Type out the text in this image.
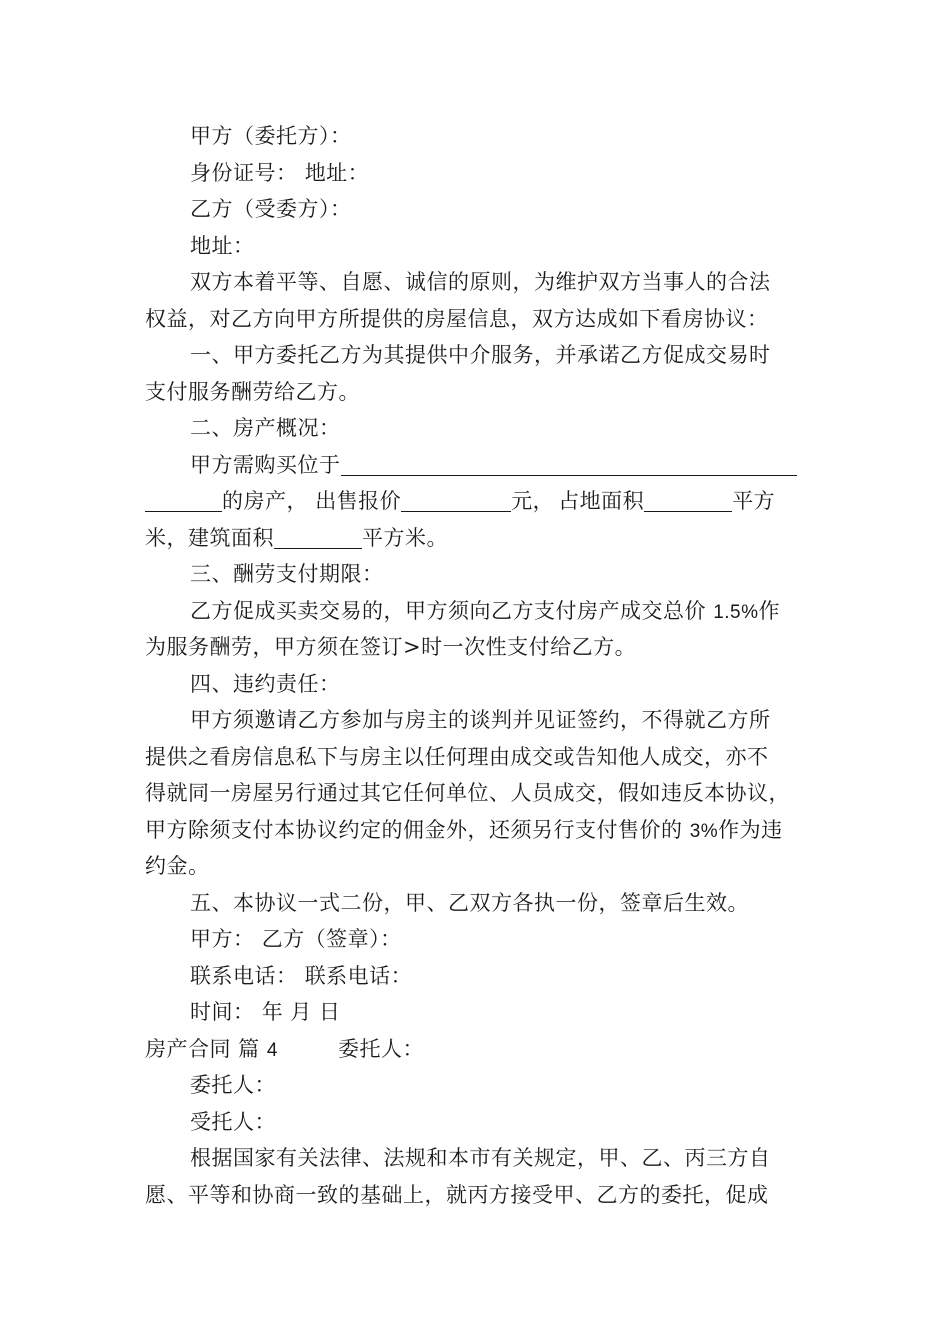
甲方（委托方）：
身份证号： 地址：
乙方（受委方）：
地址：
双方本着平等、自愿、诚信的原则，为维护双方当事人的合法
权益，对乙方向甲方所提供的房屋信息，双方达成如下看房协议：
一、甲方委托乙方为其提供中介服务，并承诺乙方促成交易时
支付服务酬劳给乙方。
二、房产概况：
甲方需购买位于
的房产， 出售报价	元， 占地面积	平方
米，建筑面积	平方米。
三、酬劳支付期限：
乙方促成买卖交易的，甲方须向乙方支付房产成交总价 1.5%作
为服务酬劳，甲方须在签订>时一次性支付给乙方。
四、违约责任：
甲方须邀请乙方参加与房主的谈判并见证签约，不得就乙方所
提供之看房信息私下与房主以任何理由成交或告知他人成交，亦不
得就同一房屋另行通过其它任何单位、人员成交，假如违反本协议，
甲方除须支付本协议约定的佣金外，还须另行支付售价的 3%作为违
约金。
五、本协议一式二份，甲、乙双方各执一份，签章后生效。
甲方： 乙方（签章）：
联系电话： 联系电话：
时间： 年 月 日
房产合同 篇 4	委托人：
委托人：
受托人：
根据国家有关法律、法规和本市有关规定，甲、乙、丙三方自
愿、平等和协商一致的基础上，就丙方接受甲、乙方的委托，促成
